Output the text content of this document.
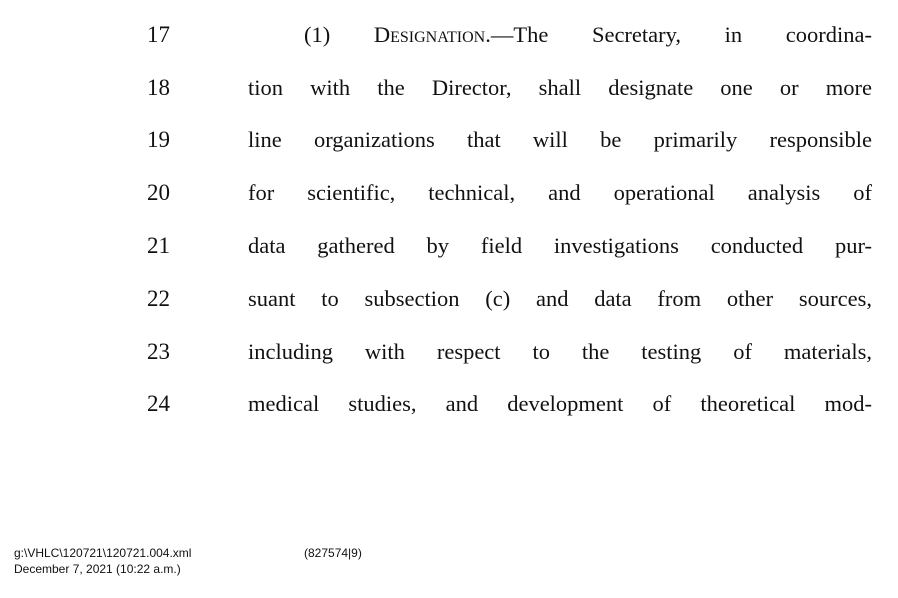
17	(1) Designation.—The Secretary, in coordina-
18	tion with the Director, shall designate one or more
19	line organizations that will be primarily responsible
20	for scientific, technical, and operational analysis of
21	data gathered by field investigations conducted pur-
22	suant to subsection (c) and data from other sources,
23	including with respect to the testing of materials,
24	medical studies, and development of theoretical mod-
g:\VHLC\120721\120721.004.xml	(827574|9)
December 7, 2021 (10:22 a.m.)
